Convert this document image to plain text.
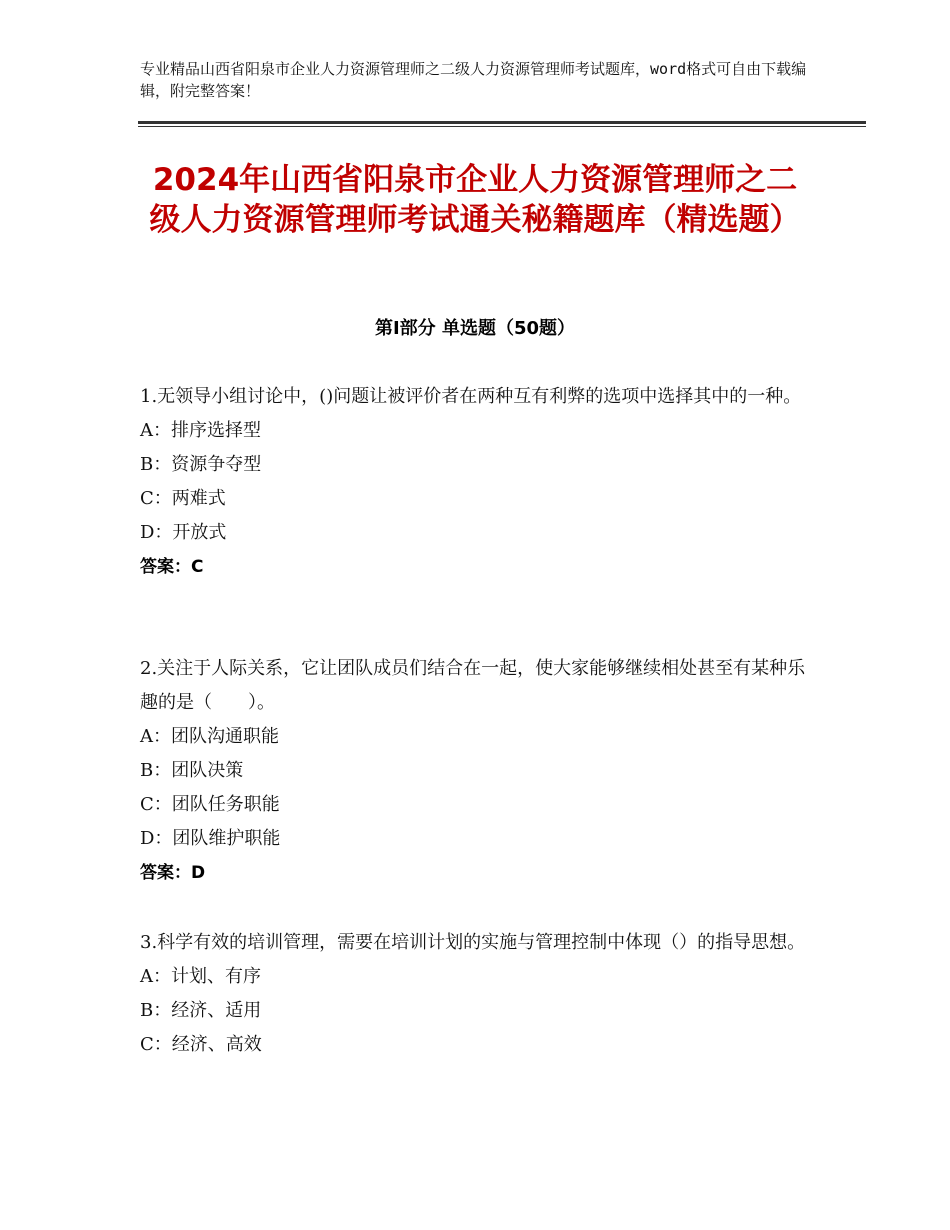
专业精品山西省阳泉市企业人力资源管理师之二级人力资源管理师考试题库，word格式可自由下载编辑，附完整答案！
2024年山西省阳泉市企业人力资源管理师之二级人力资源管理师考试通关秘籍题库（精选题）
第Ⅰ部分 单选题（50题）
1.无领导小组讨论中，()问题让被评价者在两种互有利弊的选项中选择其中的一种。
A：排序选择型
B：资源争夺型
C：两难式
D：开放式
答案：C
2.关注于人际关系，它让团队成员们结合在一起，使大家能够继续相处甚至有某种乐趣的是（　　）。
A：团队沟通职能
B：团队决策
C：团队任务职能
D：团队维护职能
答案：D
3.科学有效的培训管理，需要在培训计划的实施与管理控制中体现（）的指导思想。
A：计划、有序
B：经济、适用
C：经济、高效
